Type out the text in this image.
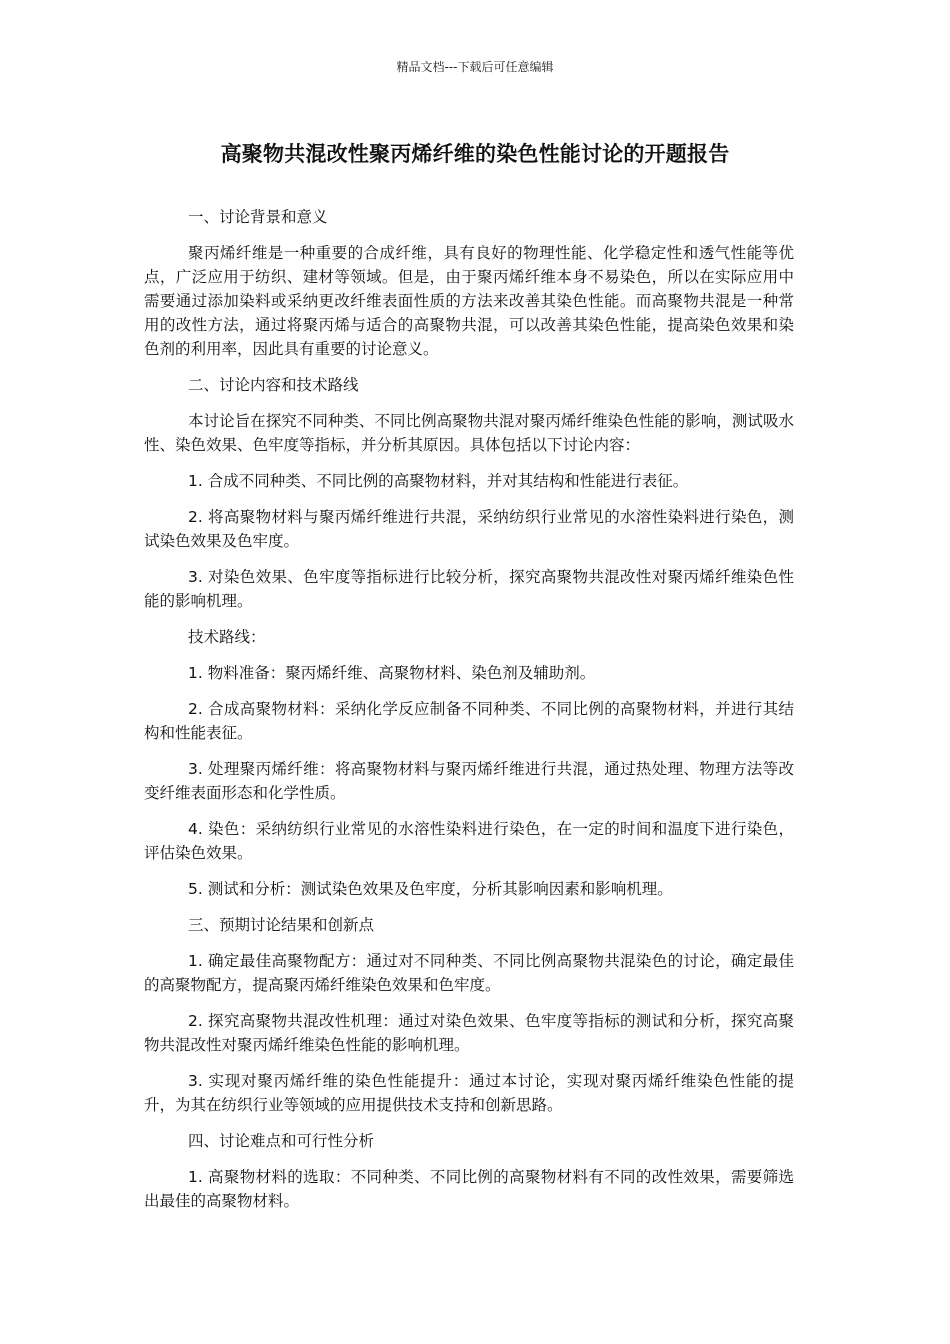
精品文档---下载后可任意编辑
高聚物共混改性聚丙烯纤维的染色性能讨论的开题报告

一、讨论背景和意义

聚丙烯纤维是一种重要的合成纤维，具有良好的物理性能、化学稳定性和透气性能等优点，广泛应用于纺织、建材等领域。但是，由于聚丙烯纤维本身不易染色，所以在实际应用中需要通过添加染料或采纳更改纤维表面性质的方法来改善其染色性能。而高聚物共混是一种常用的改性方法，通过将聚丙烯与适合的高聚物共混，可以改善其染色性能，提高染色效果和染色剂的利用率，因此具有重要的讨论意义。

二、讨论内容和技术路线

本讨论旨在探究不同种类、不同比例高聚物共混对聚丙烯纤维染色性能的影响，测试吸水性、染色效果、色牢度等指标，并分析其原因。具体包括以下讨论内容：

1. 合成不同种类、不同比例的高聚物材料，并对其结构和性能进行表征。

2. 将高聚物材料与聚丙烯纤维进行共混，采纳纺织行业常见的水溶性染料进行染色，测试染色效果及色牢度。

3. 对染色效果、色牢度等指标进行比较分析，探究高聚物共混改性对聚丙烯纤维染色性能的影响机理。

技术路线：

1. 物料准备：聚丙烯纤维、高聚物材料、染色剂及辅助剂。

2. 合成高聚物材料：采纳化学反应制备不同种类、不同比例的高聚物材料，并进行其结构和性能表征。

3. 处理聚丙烯纤维：将高聚物材料与聚丙烯纤维进行共混，通过热处理、物理方法等改变纤维表面形态和化学性质。

4. 染色：采纳纺织行业常见的水溶性染料进行染色，在一定的时间和温度下进行染色，评估染色效果。

5. 测试和分析：测试染色效果及色牢度，分析其影响因素和影响机理。

三、预期讨论结果和创新点

1. 确定最佳高聚物配方：通过对不同种类、不同比例高聚物共混染色的讨论，确定最佳的高聚物配方，提高聚丙烯纤维染色效果和色牢度。

2. 探究高聚物共混改性机理：通过对染色效果、色牢度等指标的测试和分析，探究高聚物共混改性对聚丙烯纤维染色性能的影响机理。

3. 实现对聚丙烯纤维的染色性能提升：通过本讨论，实现对聚丙烯纤维染色性能的提升，为其在纺织行业等领域的应用提供技术支持和创新思路。

四、讨论难点和可行性分析

1. 高聚物材料的选取：不同种类、不同比例的高聚物材料有不同的改性效果，需要筛选出最佳的高聚物材料。
